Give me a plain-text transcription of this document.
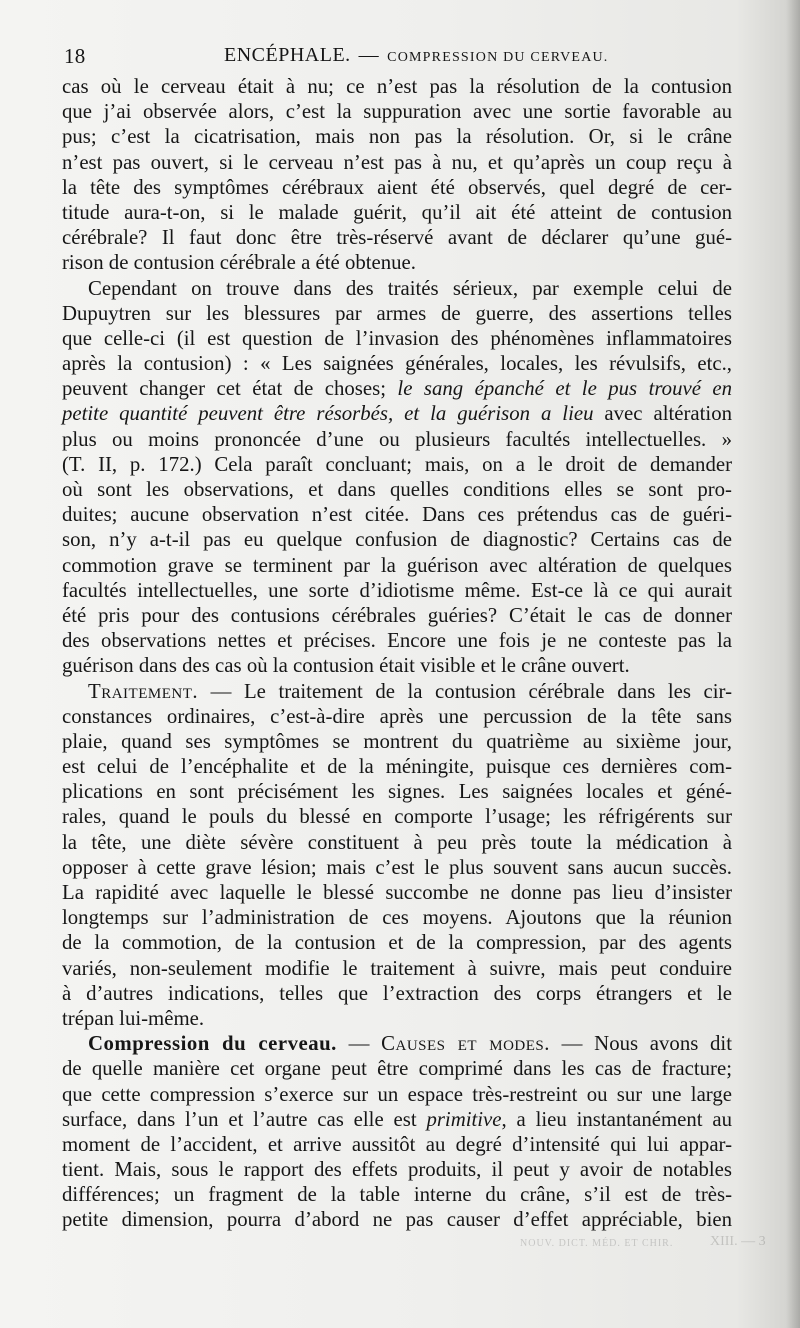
18	ENCÉPHALE. — COMPRESSION DU CERVEAU.
cas où le cerveau était à nu; ce n’est pas la résolution de la contusion
que j’ai observée alors, c’est la suppuration avec une sortie favorable au
pus; c’est la cicatrisation, mais non pas la résolution. Or, si le crâne
n’est pas ouvert, si le cerveau n’est pas à nu, et qu’après un coup reçu à
la tête des symptômes cérébraux aient été observés, quel degré de cer-
titude aura-t-on, si le malade guérit, qu’il ait été atteint de contusion
cérébrale? Il faut donc être très-réservé avant de déclarer qu’une gué-
rison de contusion cérébrale a été obtenue.
Cependant on trouve dans des traités sérieux, par exemple celui de
Dupuytren sur les blessures par armes de guerre, des assertions telles
que celle-ci (il est question de l’invasion des phénomènes inflammatoires
après la contusion) : « Les saignées générales, locales, les révulsifs, etc.,
peuvent changer cet état de choses; le sang épanché et le pus trouvé en
petite quantité peuvent être résorbés, et la guérison a lieu avec altération
plus ou moins prononcée d’une ou plusieurs facultés intellectuelles. »
(T. II, p. 172.) Cela paraît concluant; mais, on a le droit de demander
où sont les observations, et dans quelles conditions elles se sont pro-
duites; aucune observation n’est citée. Dans ces prétendus cas de guéri-
son, n’y a-t-il pas eu quelque confusion de diagnostic? Certains cas de
commotion grave se terminent par la guérison avec altération de quelques
facultés intellectuelles, une sorte d’idiotisme même. Est-ce là ce qui aurait
été pris pour des contusions cérébrales guéries? C’était le cas de donner
des observations nettes et précises. Encore une fois je ne conteste pas la
guérison dans des cas où la contusion était visible et le crâne ouvert.
Traitement. — Le traitement de la contusion cérébrale dans les cir-
constances ordinaires, c’est-à-dire après une percussion de la tête sans
plaie, quand ses symptômes se montrent du quatrième au sixième jour,
est celui de l’encéphalite et de la méningite, puisque ces dernières com-
plications en sont précisément les signes. Les saignées locales et géné-
rales, quand le pouls du blessé en comporte l’usage; les réfrigérents sur
la tête, une diète sévère constituent à peu près toute la médication à
opposer à cette grave lésion; mais c’est le plus souvent sans aucun succès.
La rapidité avec laquelle le blessé succombe ne donne pas lieu d’insister
longtemps sur l’administration de ces moyens. Ajoutons que la réunion
de la commotion, de la contusion et de la compression, par des agents
variés, non-seulement modifie le traitement à suivre, mais peut conduire
à d’autres indications, telles que l’extraction des corps étrangers et le
trépan lui-même.
Compression du cerveau. — Causes et modes. — Nous avons dit
de quelle manière cet organe peut être comprimé dans les cas de fracture;
que cette compression s’exerce sur un espace très-restreint ou sur une large
surface, dans l’un et l’autre cas elle est primitive, a lieu instantanément au
moment de l’accident, et arrive aussitôt au degré d’intensité qui lui appar-
tient. Mais, sous le rapport des effets produits, il peut y avoir de notables
différences; un fragment de la table interne du crâne, s’il est de très-
petite dimension, pourra d’abord ne pas causer d’effet appréciable, bien
NOUV. DICT. MÉD. ET CHIR.	XIII. — 3
